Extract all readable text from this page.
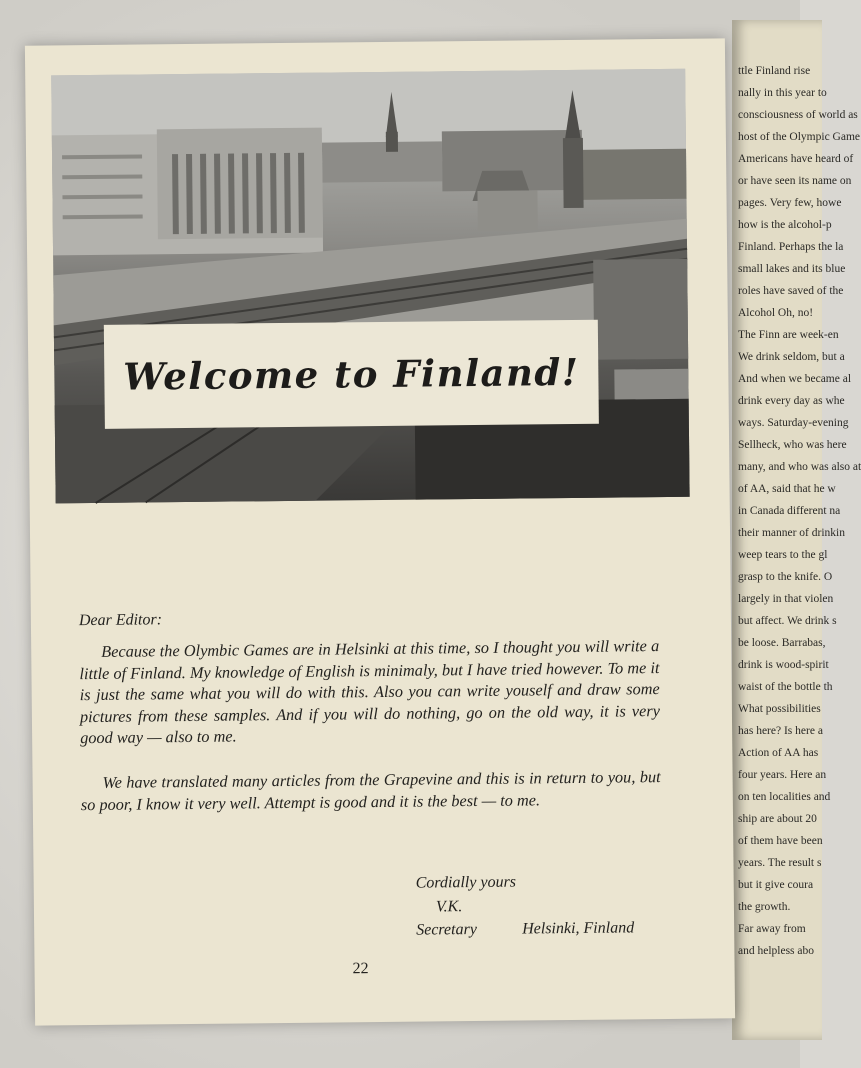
ttle Finland rise
nally in this year to
consciousness of world as
host of the Olympic Game
Americans have heard of
or have seen its name on
pages. Very few, howe
how is the alcohol-p
Finland. Perhaps the la
small lakes and its blue
roles have saved of the
Alcohol Oh, no!
The Finn are week-en
We drink seldom, but a
And when we became al
drink every day as whe
ways. Saturday-evening
Sellheck, who was here
many, and who was also at
of AA, said that he w
in Canada different na
their manner of drinkin
weep tears to the gl
grasp to the knife. O
largely in that violen
but affect. We drink s
be loose. Barrabas,
drink is wood-spirit
waist of the bottle th
What possibilities
has here? Is here a
Action of AA has
four years. Here an
on ten localities and
ship are about 20
of them have been
years. The result s
but it give coura
the growth.
Far away from
and helpless abo
Welcome to Finland!
Dear Editor:
Because the Olymbic Games are in Helsinki at this time, so I thought you will write a little of Finland. My knowledge of English is minimaly, but I have tried however. To me it is just the same what you will do with this. Also you can write youself and draw some pictures from these samples. And if you will do nothing, go on the old way, it is very good way — also to me.
We have translated many articles from the Grapevine and this is in return to you, but so poor, I know it very well. Attempt is good and it is the best — to me.
Cordially yours
V.K.
Secretary	Helsinki, Finland
22
